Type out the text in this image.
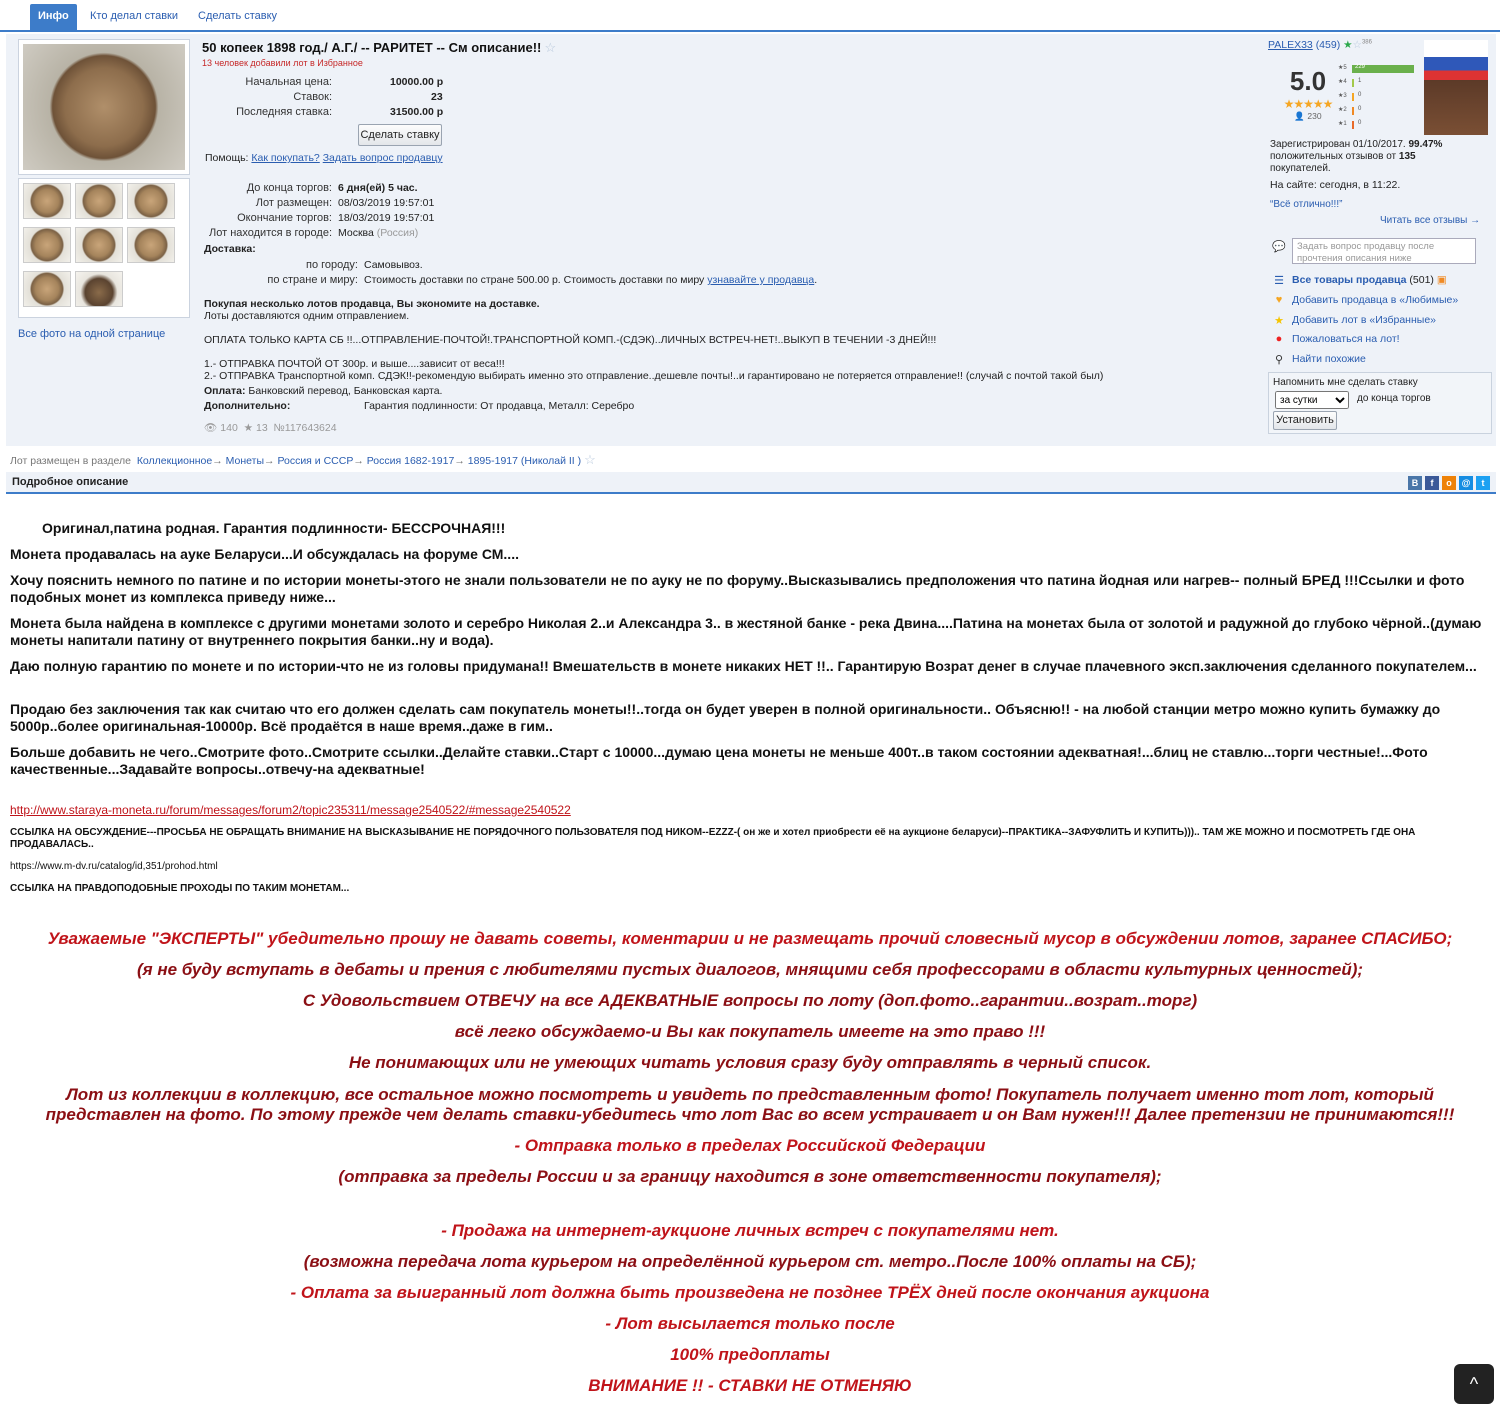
Инфо	Кто делал ставки	Сделать ставку
Все фото на одной странице
50 копеек 1898 год./ А.Г./ -- РАРИТЕТ -- См описание!! ☆
13 человек добавили лот в Избранное
Начальная цена:	10000.00 р
Ставок:	23
Последняя ставка:	31500.00 р
Сделать ставку
Помощь: Как покупать? Задать вопрос продавцу
До конца торгов: 6 дня(ей) 5 час.
Лот размещен: 08/03/2019 19:57:01
Окончание торгов: 18/03/2019 19:57:01
Лот находится в городе: Москва (Россия)
Доставка:
по городу: Самовывоз.
по стране и миру: Стоимость доставки по стране 500.00 р. Стоимость доставки по миру узнавайте у продавца.
Покупая несколько лотов продавца, Вы экономите на доставке.
Лоты доставляются одним отправлением.
ОПЛАТА ТОЛЬКО КАРТА СБ !!...ОТПРАВЛЕНИЕ-ПОЧТОЙ!.ТРАНСПОРТНОЙ КОМП.-(СДЭК)..ЛИЧНЫХ ВСТРЕЧ-НЕТ!..ВЫКУП В ТЕЧЕНИИ -3 ДНЕЙ!!!
1.- ОТПРАВКА ПОЧТОЙ ОТ 300р. и выше....зависит от веса!!!
2.- ОТПРАВКА Транспортной комп. СДЭК!!-рекомендую выбирать именно это отправление..дешевле почты!..и гарантировано не потеряется отправление!! (случай с почтой такой был)
Оплата: Банковский перевод, Банковская карта.
Дополнительно:	Гарантия подлинности: От продавца, Металл: Серебро
👁 140 ★ 13 №117643624
PALEX33 (459) ★☆$^{386}$
5.0
★★★★★
👤 230
★5 229
★4 1
★3 0
★2 0
★1 0
Зарегистрирован 01/10/2017. 99.47%
положительных отзывов от 135
покупателей.
На сайте: сегодня, в 11:22.
“Всё отлично!!!”
Читать все отзывы →
💬	Задать вопрос продавцу после прочтения описания ниже
☰ Все товары продавца (501) ▣
♥ Добавить продавца в «Любимые»
★ Добавить лот в «Избранные»
● Пожаловаться на лот!
⚲ Найти похожие
Напомнить мне сделать ставку
за сутки
до конца торгов
Установить
Лот размещен в разделе Коллекционное→ Монеты→ Россия и СССР→ Россия 1682-1917→ 1895-1917 (Николай II ) ☆
Подробное описание	В	f	o	@	t
Оригинал,патина родная. Гарантия подлинности- БЕССРОЧНАЯ!!!
Монета продавалась на ауке Беларуси...И обсуждалась на форуме СМ....
Хочу пояснить немного по патине и по истории монеты-этого не знали пользователи не по ауку не по форуму..Высказывались предположения что патина йодная или нагрев-- полный БРЕД !!!Ссылки и фото подобных монет из комплекса приведу ниже...
Монета была найдена в комплексе с другими монетами золото и серебро Николая 2..и Александра 3.. в жестяной банке - река Двина....Патина на монетах была от золотой и радужной до глубоко чёрной..(думаю монеты напитали патину от внутреннего покрытия банки..ну и вода).
Даю полную гарантию по монете и по истории-что не из головы придумана!! Вмешательств в монете никаких НЕТ !!.. Гарантирую Возрат денег в случае плачевного эксп.заключения сделанного покупателем...
Продаю без заключения так как считаю что его должен сделать сам покупатель монеты!!..тогда он будет уверен в полной оригинальности.. Объясню!! - на любой станции метро можно купить бумажку до 5000р..более оригинальная-10000р. Всё продаётся в наше время..даже в гим..
Больше добавить не чего..Смотрите фото..Смотрите ссылки..Делайте ставки..Старт с 10000...думаю цена монеты не меньше 400т..в таком состоянии адекватная!...блиц не ставлю...торги честные!...Фото качественные...Задавайте вопросы..отвечу-на адекватные!
http://www.staraya-moneta.ru/forum/messages/forum2/topic235311/message2540522/#message2540522
ССЫЛКА НА ОБСУЖДЕНИЕ---ПРОСЬБА НЕ ОБРАЩАТЬ ВНИМАНИЕ НА ВЫСКАЗЫВАНИЕ НЕ ПОРЯДОЧНОГО ПОЛЬЗОВАТЕЛЯ ПОД НИКОМ--EZZZ-( он же и хотел приобрести её на аукционе беларуси)--ПРАКТИКА--ЗАФУФЛИТЬ И КУПИТЬ))).. ТАМ ЖЕ МОЖНО И ПОСМОТРЕТЬ ГДЕ ОНА ПРОДАВАЛАСЬ..
https://www.m-dv.ru/catalog/id,351/prohod.html
ССЫЛКА НА ПРАВДОПОДОБНЫЕ ПРОХОДЫ ПО ТАКИМ МОНЕТАМ...
Уважаемые "ЭКСПЕРТЫ" убедительно прошу не давать советы, коментарии и не размещать прочий словесный мусор в обсуждении лотов, заранее СПАСИБО;
(я не буду вступать в дебаты и прения с любителями пустых диалогов, мнящими себя профессорами в области культурных ценностей);
С Удовольствием ОТВЕЧУ на все АДЕКВАТНЫЕ вопросы по лоту (доп.фото..гарантии..возрат..торг)
всё легко обсуждаемо-и Вы как покупатель имеете на это право !!!
Не понимающих или не умеющих читать условия сразу буду отправлять в черный список.
Лот из коллекции в коллекцию, все остальное можно посмотреть и увидеть по представленным фото! Покупатель получает именно тот лот, который
представлен на фото. По этому прежде чем делать ставки-убедитесь что лот Вас во всем устраивает и он Вам нужен!!! Далее претензии не принимаются!!!
- Отправка только в пределах Российской Федерации
(отправка за пределы России и за границу находится в зоне ответственности покупателя);
- Продажа на интернет-аукционе личных встреч с покупателями нет.
(возможна передача лота курьером на определённой курьером ст. метро..После 100% оплаты на СБ);
- Оплата за выигранный лот должна быть произведена не позднее ТРЁХ дней после окончания аукциона
- Лот высылается только после
100% предоплаты
ВНИМАНИЕ !! - СТАВКИ НЕ ОТМЕНЯЮ	^
